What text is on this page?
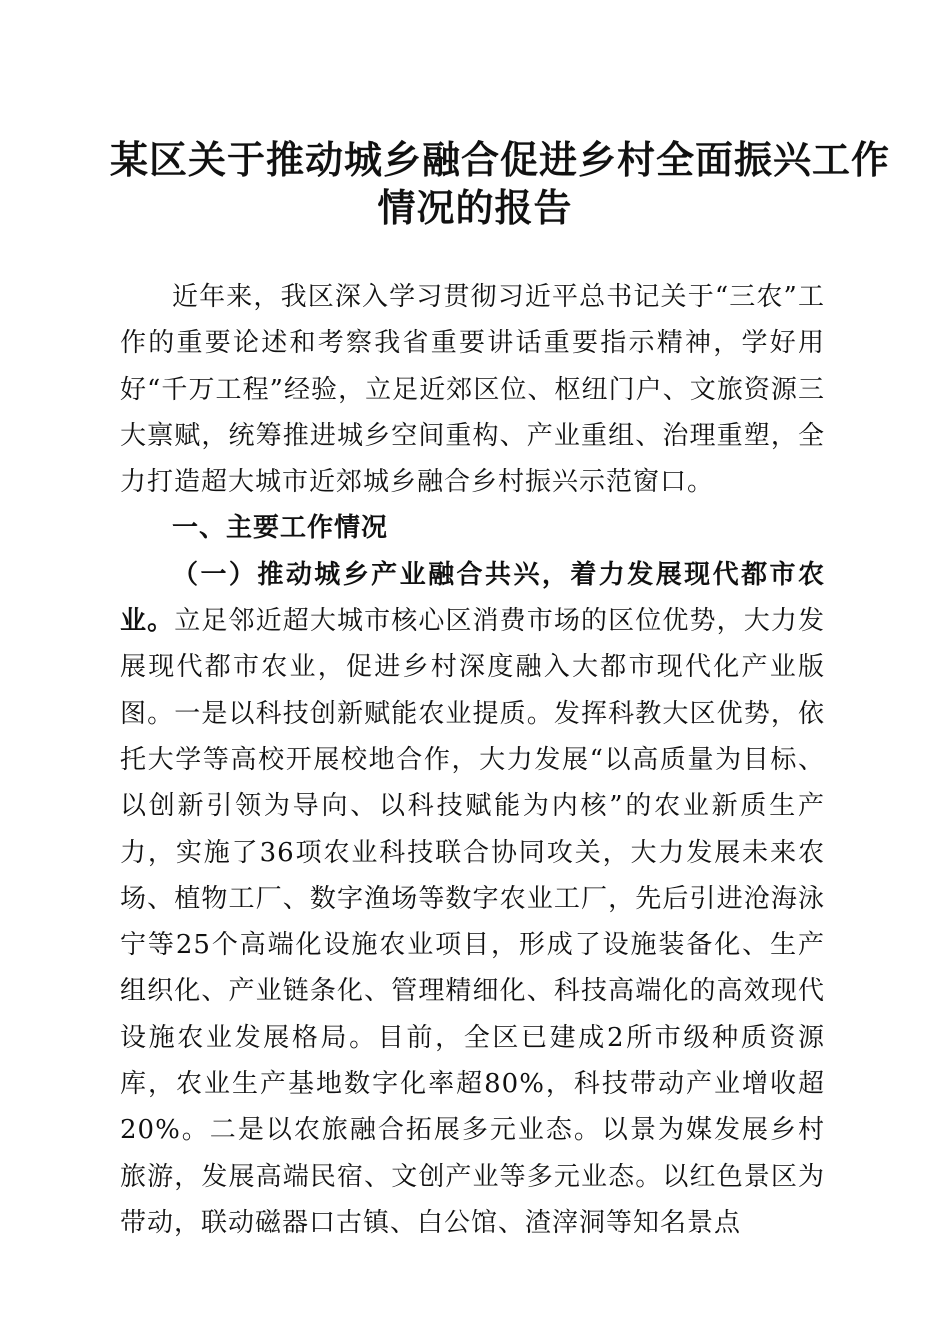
某区关于推动城乡融合促进乡村全面振兴工作
情况的报告

近年来，我区深入学习贯彻习近平总书记关于“三农”工作的重要论述和考察我省重要讲话重要指示精神，学好用好“千万工程”经验，立足近郊区位、枢纽门户、文旅资源三大禀赋，统筹推进城乡空间重构、产业重组、治理重塑，全力打造超大城市近郊城乡融合乡村振兴示范窗口。

一、主要工作情况

（一）推动城乡产业融合共兴，着力发展现代都市农业。立足邻近超大城市核心区消费市场的区位优势，大力发展现代都市农业，促进乡村深度融入大都市现代化产业版图。一是以科技创新赋能农业提质。发挥科教大区优势，依托大学等高校开展校地合作，大力发展“以高质量为目标、以创新引领为导向、以科技赋能为内核”的农业新质生产力，实施了36项农业科技联合协同攻关，大力发展未来农场、植物工厂、数字渔场等数字农业工厂，先后引进沧海泳宁等25个高端化设施农业项目，形成了设施装备化、生产组织化、产业链条化、管理精细化、科技高端化的高效现代设施农业发展格局。目前，全区已建成2所市级种质资源库，农业生产基地数字化率超80%，科技带动产业增收超20%。二是以农旅融合拓展多元业态。以景为媒发展乡村旅游，发展高端民宿、文创产业等多元业态。以红色景区为带动，联动磁器口古镇、白公馆、渣滓洞等知名景点
